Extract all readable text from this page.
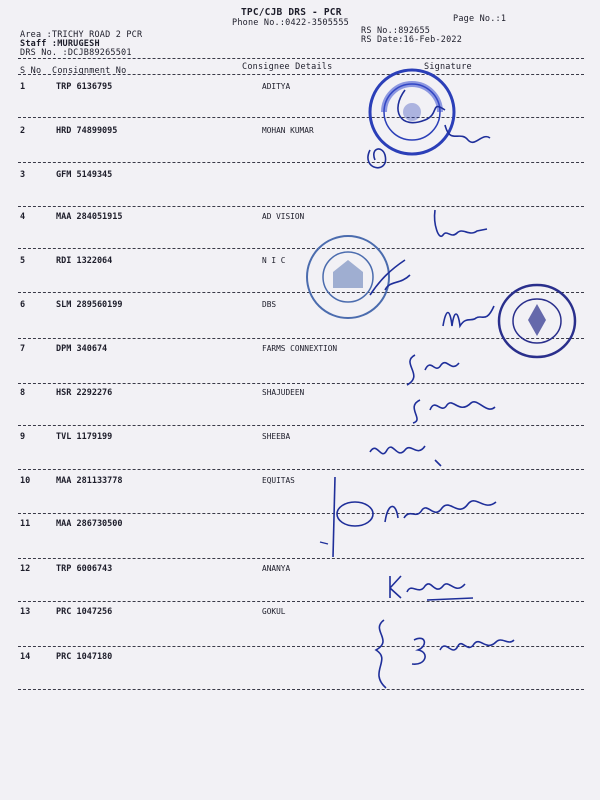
TPC/CJB DRS - PCR
Phone No.:0422-3505555	Page No.:1
Area :TRICHY ROAD 2 PCR
Staff :MURUGESH
DRS No. :DCJB89265501
RS No.:892655
RS Date:16-Feb-2022
S No Consignment No	Consignee Details	Signature
1	TRP 6136795	ADITYA
2	HRD 74899095	MOHAN KUMAR
3	GFM 5149345
4	MAA 284051915	AD VISION
5	RDI 1322064	N I C
6	SLM 289560199	DBS
7	DPM 340674	FARMS CONNEXTION
8	HSR 2292276	SHAJUDEEN
9	TVL 1179199	SHEEBA
10	MAA 281133778	EQUITAS
11	MAA 286730500
12	TRP 6006743	ANANYA
13	PRC 1047256	GOKUL
14	PRC 1047180
